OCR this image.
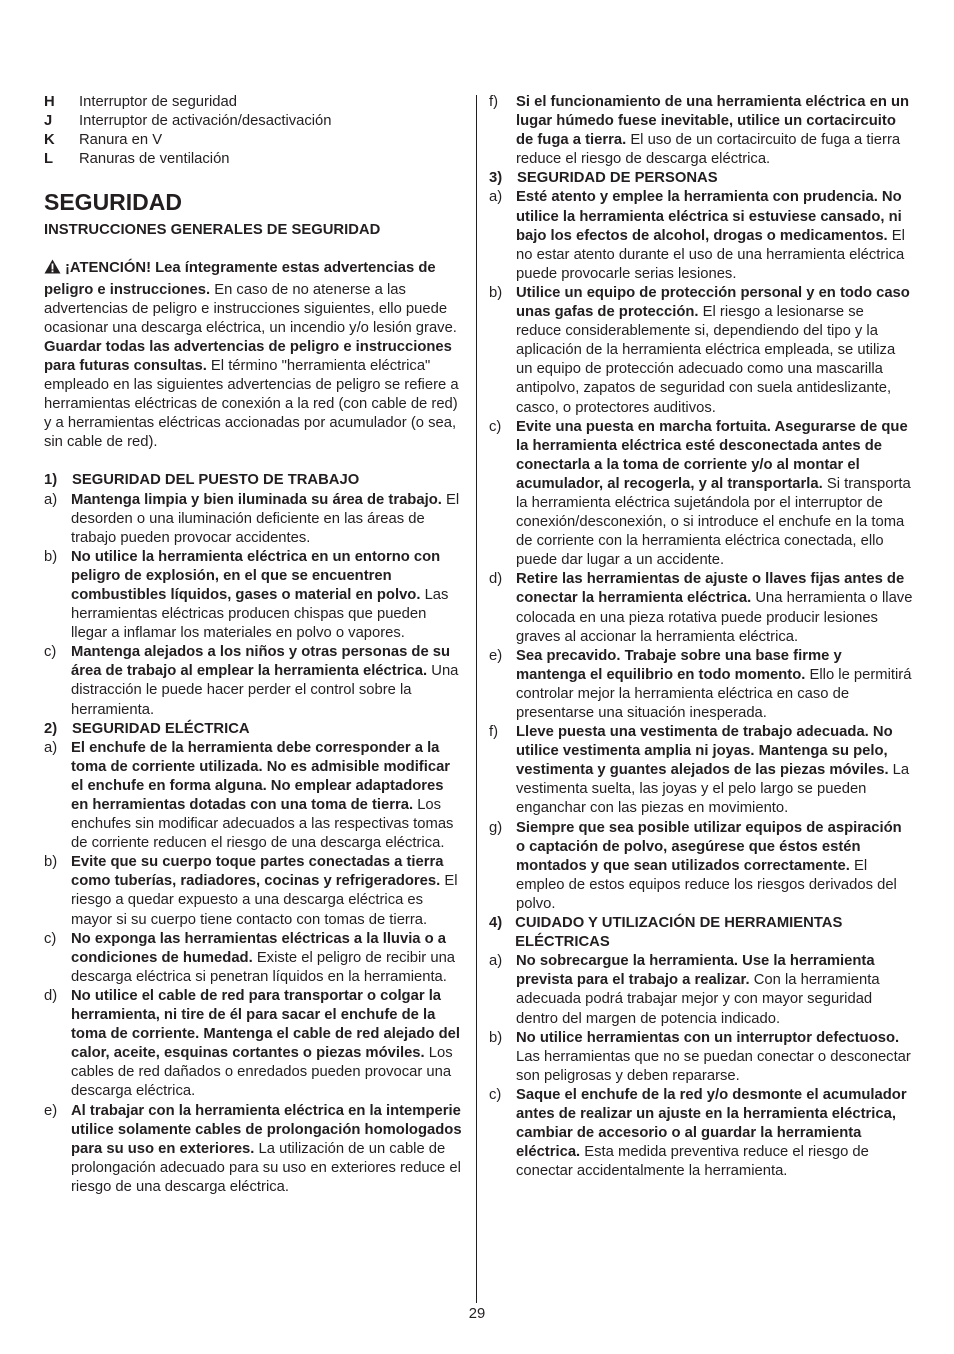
H	Interruptor de seguridad
J	Interruptor de activación/desactivación
K	Ranura en V
L	Ranuras de ventilación
SEGURIDAD
INSTRUCCIONES GENERALES DE SEGURIDAD

¡ATENCIÓN! Lea íntegramente estas advertencias de peligro e instrucciones. En caso de no atenerse a las advertencias de peligro e instrucciones siguientes, ello puede ocasionar una descarga eléctrica, un incendio y/o lesión grave. Guardar todas las advertencias de peligro e instrucciones para futuras consultas. El término "herramienta eléctrica" empleado en las siguientes advertencias de peligro se refiere a herramientas eléctricas de conexión a la red (con cable de red) y a herramientas eléctricas accionadas por acumulador (o sea, sin cable de red).

1)	SEGURIDAD DEL PUESTO DE TRABAJO
a) Mantenga limpia y bien iluminada su área de trabajo. El desorden o una iluminación deficiente en las áreas de trabajo pueden provocar accidentes.
b) No utilice la herramienta eléctrica en un entorno con peligro de explosión, en el que se encuentren combustibles líquidos, gases o material en polvo. Las herramientas eléctricas producen chispas que pueden llegar a inflamar los materiales en polvo o vapores.
c) Mantenga alejados a los niños y otras personas de su área de trabajo al emplear la herramienta eléctrica. Una distracción le puede hacer perder el control sobre la herramienta.
2)	SEGURIDAD ELÉCTRICA
a) El enchufe de la herramienta debe corresponder a la toma de corriente utilizada. No es admisible modificar el enchufe en forma alguna. No emplear adaptadores en herramientas dotadas con una toma de tierra. Los enchufes sin modificar adecuados a las respectivas tomas de corriente reducen el riesgo de una descarga eléctrica.
b) Evite que su cuerpo toque partes conectadas a tierra como tuberías, radiadores, cocinas y refrigeradores. El riesgo a quedar expuesto a una descarga eléctrica es mayor si su cuerpo tiene contacto con tomas de tierra.
c) No exponga las herramientas eléctricas a la lluvia o a condiciones de humedad. Existe el peligro de recibir una descarga eléctrica si penetran líquidos en la herramienta.
d) No utilice el cable de red para transportar o colgar la herramienta, ni tire de él para sacar el enchufe de la toma de corriente. Mantenga el cable de red alejado del calor, aceite, esquinas cortantes o piezas móviles. Los cables de red dañados o enredados pueden provocar una descarga eléctrica.
e) Al trabajar con la herramienta eléctrica en la intemperie utilice solamente cables de prolongación homologados para su uso en exteriores. La utilización de un cable de prolongación adecuado para su uso en exteriores reduce el riesgo de una descarga eléctrica.
f)	Si el funcionamiento de una herramienta eléctrica en un lugar húmedo fuese inevitable, utilice un cortacircuito de fuga a tierra. El uso de un cortacircuito de fuga a tierra reduce el riesgo de descarga eléctrica.
3)	SEGURIDAD DE PERSONAS
a) Esté atento y emplee la herramienta con prudencia. No utilice la herramienta eléctrica si estuviese cansado, ni bajo los efectos de alcohol, drogas o medicamentos. El no estar atento durante el uso de una herramienta eléctrica puede provocarle serias lesiones.
b) Utilice un equipo de protección personal y en todo caso unas gafas de protección. El riesgo a lesionarse se reduce considerablemente si, dependiendo del tipo y la aplicación de la herramienta eléctrica empleada, se utiliza un equipo de protección adecuado como una mascarilla antipolvo, zapatos de seguridad con suela antideslizante, casco, o protectores auditivos.
c) Evite una puesta en marcha fortuita. Asegurarse de que la herramienta eléctrica esté desconectada antes de conectarla a la toma de corriente y/o al montar el acumulador, al recogerla, y al transportarla. Si transporta la herramienta eléctrica sujetándola por el interruptor de conexión/desconexión, o si introduce el enchufe en la toma de corriente con la herramienta eléctrica conectada, ello puede dar lugar a un accidente.
d) Retire las herramientas de ajuste o llaves fijas antes de conectar la herramienta eléctrica. Una herramienta o llave colocada en una pieza rotativa puede producir lesiones graves al accionar la herramienta eléctrica.
e) Sea precavido. Trabaje sobre una base firme y mantenga el equilibrio en todo momento. Ello le permitirá controlar mejor la herramienta eléctrica en caso de presentarse una situación inesperada.
f)	Lleve puesta una vestimenta de trabajo adecuada. No utilice vestimenta amplia ni joyas. Mantenga su pelo, vestimenta y guantes alejados de las piezas móviles. La vestimenta suelta, las joyas y el pelo largo se pueden enganchar con las piezas en movimiento.
g) Siempre que sea posible utilizar equipos de aspiración o captación de polvo, asegúrese que éstos estén montados y que sean utilizados correctamente. El empleo de estos equipos reduce los riesgos derivados del polvo.
4) CUIDADO Y UTILIZACIÓN DE HERRAMIENTAS ELÉCTRICAS
a) No sobrecargue la herramienta. Use la herramienta prevista para el trabajo a realizar. Con la herramienta adecuada podrá trabajar mejor y con mayor seguridad dentro del margen de potencia indicado.
b) No utilice herramientas con un interruptor defectuoso. Las herramientas que no se puedan conectar o desconectar son peligrosas y deben repararse.
c) Saque el enchufe de la red y/o desmonte el acumulador antes de realizar un ajuste en la herramienta eléctrica, cambiar de accesorio o al guardar la herramienta eléctrica. Esta medida preventiva reduce el riesgo de conectar accidentalmente la herramienta.
29
